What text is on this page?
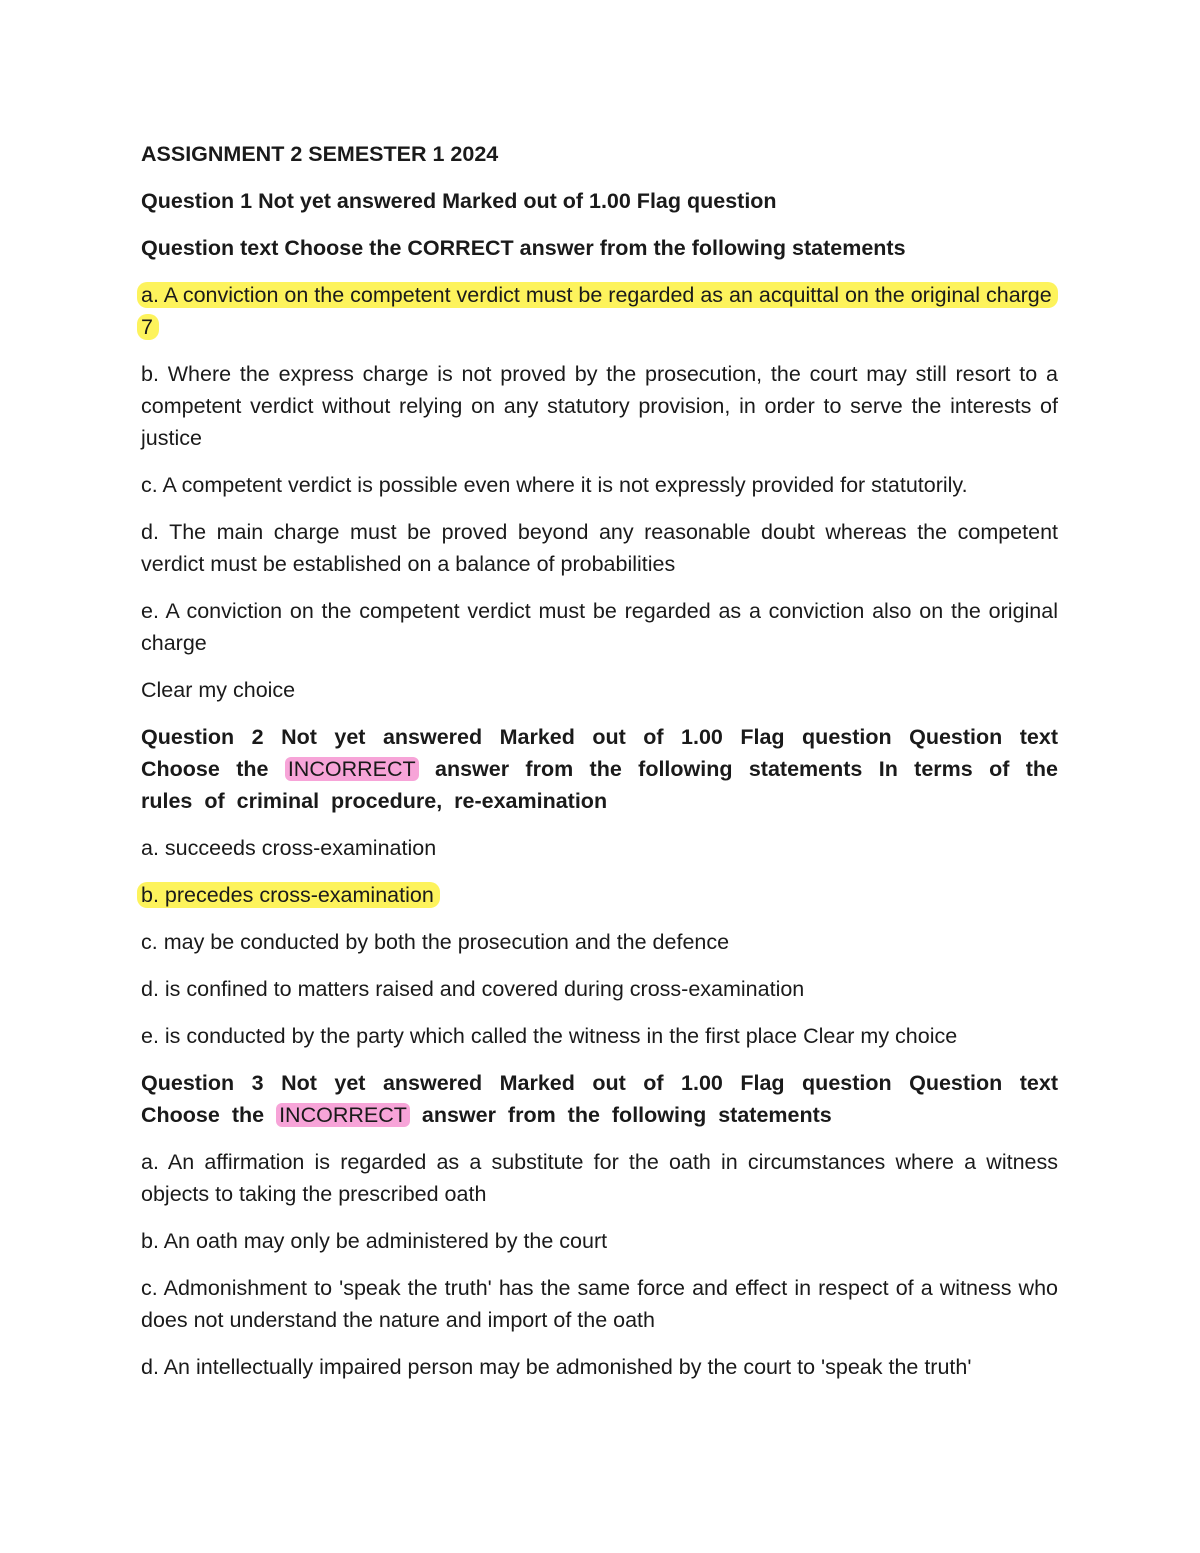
ASSIGNMENT 2 SEMESTER 1 2024
Question 1 Not yet answered Marked out of 1.00 Flag question
Question text Choose the CORRECT answer from the following statements
a. A conviction on the competent verdict must be regarded as an acquittal on the original charge 7
b. Where the express charge is not proved by the prosecution, the court may still resort to a competent verdict without relying on any statutory provision, in order to serve the interests of justice
c. A competent verdict is possible even where it is not expressly provided for statutorily.
d. The main charge must be proved beyond any reasonable doubt whereas the competent verdict must be established on a balance of probabilities
e. A conviction on the competent verdict must be regarded as a conviction also on the original charge
Clear my choice
Question 2 Not yet answered Marked out of 1.00 Flag question Question text Choose the INCORRECT answer from the following statements In terms of the rules of criminal procedure, re-examination
a. succeeds cross-examination
b. precedes cross-examination
c. may be conducted by both the prosecution and the defence
d. is confined to matters raised and covered during cross-examination
e. is conducted by the party which called the witness in the first place Clear my choice
Question 3 Not yet answered Marked out of 1.00 Flag question Question text Choose the INCORRECT answer from the following statements
a. An affirmation is regarded as a substitute for the oath in circumstances where a witness objects to taking the prescribed oath
b. An oath may only be administered by the court
c. Admonishment to 'speak the truth' has the same force and effect in respect of a witness who does not understand the nature and import of the oath
d. An intellectually impaired person may be admonished by the court to 'speak the truth'
